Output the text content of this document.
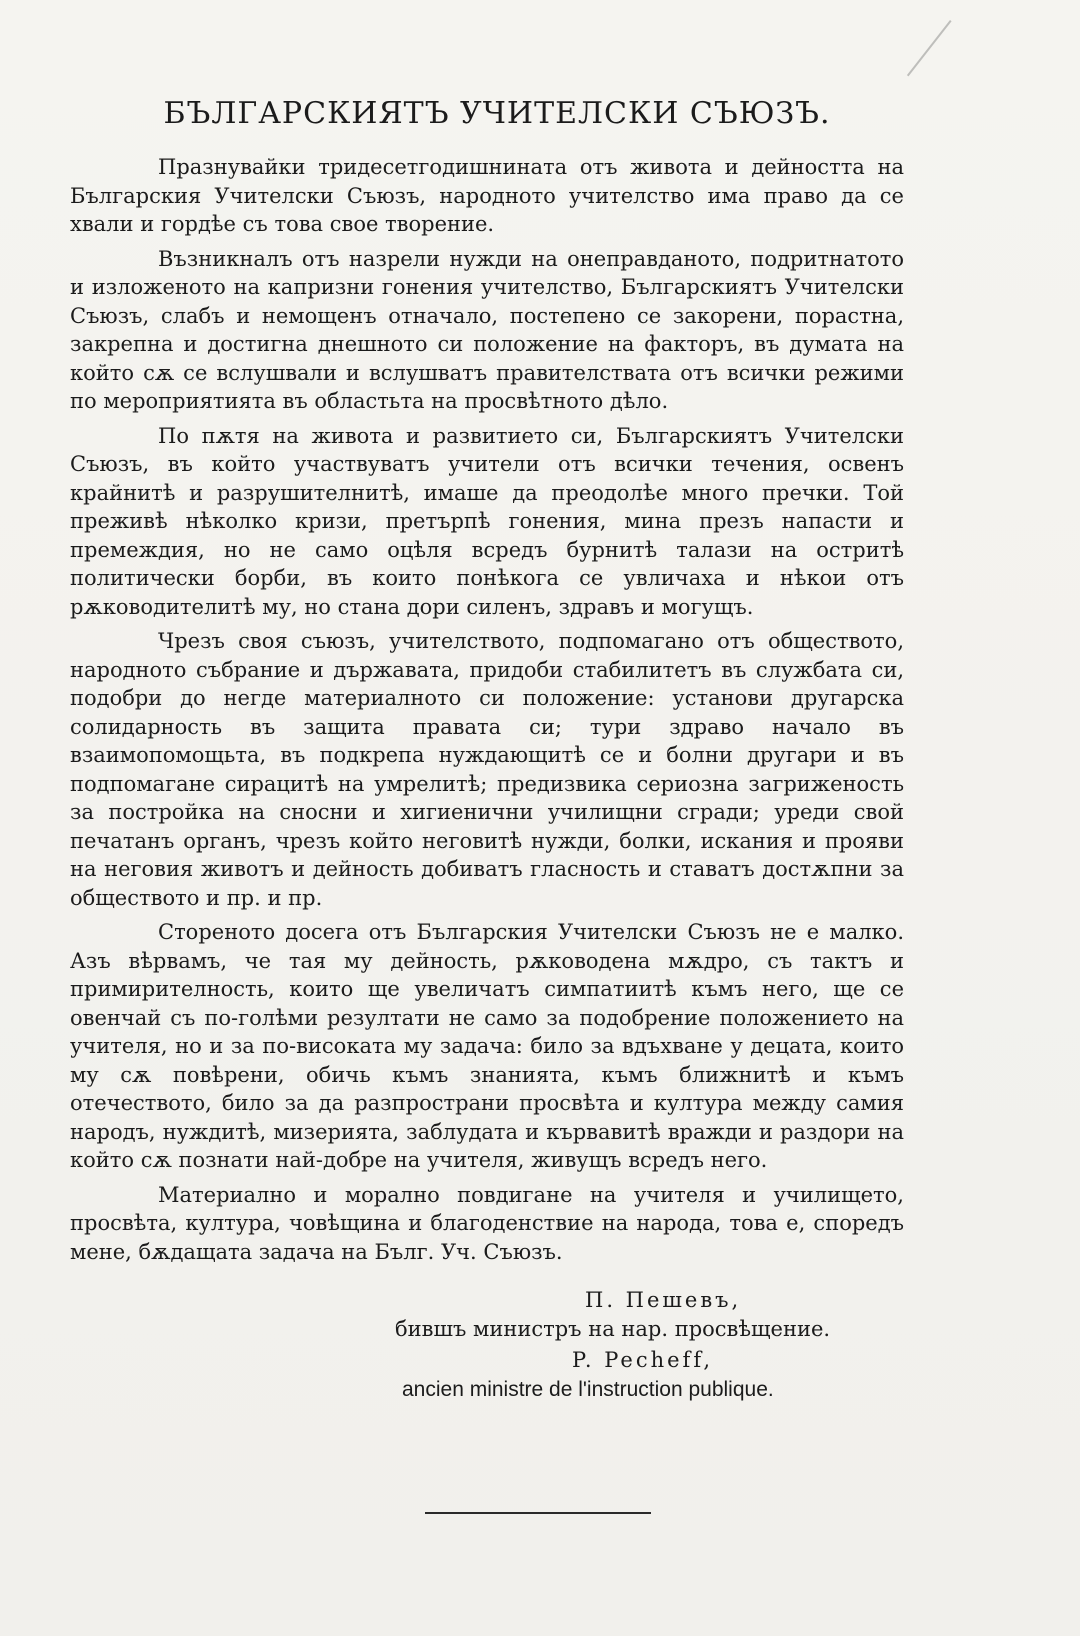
БЪЛГАРСКИЯТЪ УЧИТЕЛСКИ СЪЮЗЪ.

Празнувайки тридесетгодишнината отъ живота и дейността на Българския Учителски Съюзъ, народното учителство има право да се хвали и гордѣе съ това свое творение.

Възникналъ отъ назрели нужди на онеправданото, подритнатото и изложеното на капризни гонения учителство, Българскиятъ Учителски Съюзъ, слабъ и немощенъ отначало, постепено се закорени, порастна, закрепна и достигна днешното си положение на факторъ, въ думата на който сѫ се вслушвали и вслушватъ правителствата отъ всички режими по мероприятията въ областьта на просвѣтното дѣло.

По пѫтя на живота и развитието си, Българскиятъ Учителски Съюзъ, въ който участвуватъ учители отъ всички течения, освенъ крайнитѣ и разрушителнитѣ, имаше да преодолѣе много пречки. Той преживѣ нѣколко кризи, претърпѣ гонения, мина презъ напасти и премеждия, но не само оцѣля всредъ бурнитѣ талази на остритѣ политически борби, въ които понѣкога се увличаха и нѣкои отъ рѫководителитѣ му, но стана дори силенъ, здравъ и могущъ.

Чрезъ своя съюзъ, учителството, подпомагано отъ обществото, народното събрание и държавата, придоби стабилитетъ въ службата си, подобри до негде материалното си положение: установи другарска солидарность въ защита правата си; тури здраво начало въ взаимопомощьта, въ подкрепа нуждающитѣ се и болни другари и въ подпомагане сирацитѣ на умрелитѣ; предизвика сериозна загриженость за постройка на сносни и хигиенични училищни сгради; уреди свой печатанъ органъ, чрезъ който неговитѣ нужди, болки, искания и прояви на неговия животъ и дейность добиватъ гласность и ставатъ достѫпни за обществото и пр. и пр.

Стореното досега отъ Българския Учителски Съюзъ не е малко. Азъ вѣрвамъ, че тая му дейность, рѫководена мѫдро, съ тактъ и примирителность, които ще увеличатъ симпатиитѣ къмъ него, ще се овенчай съ по-голѣми резултати не само за подобрение положението на учителя, но и за по-високата му задача: било за вдъхване у децата, които му сѫ повѣрени, обичь къмъ знанията, къмъ ближнитѣ и къмъ отечеството, било за да разпространи просвѣта и култура между самия народъ, нуждитѣ, мизерията, заблудата и кървавитѣ вражди и раздори на който сѫ познати най-добре на учителя, живущъ всредъ него.

Материално и морално повдигане на учителя и училището, просвѣта, култура, човѣщина и благоденствие на народа, това е, споредъ мене, бѫдащата задача на Бълг. Уч. Съюзъ.

П. Пешевъ,
бившъ министръ на нар. просвѣщение.
P. Pecheff,
ancien ministre de l'instruction publique.
